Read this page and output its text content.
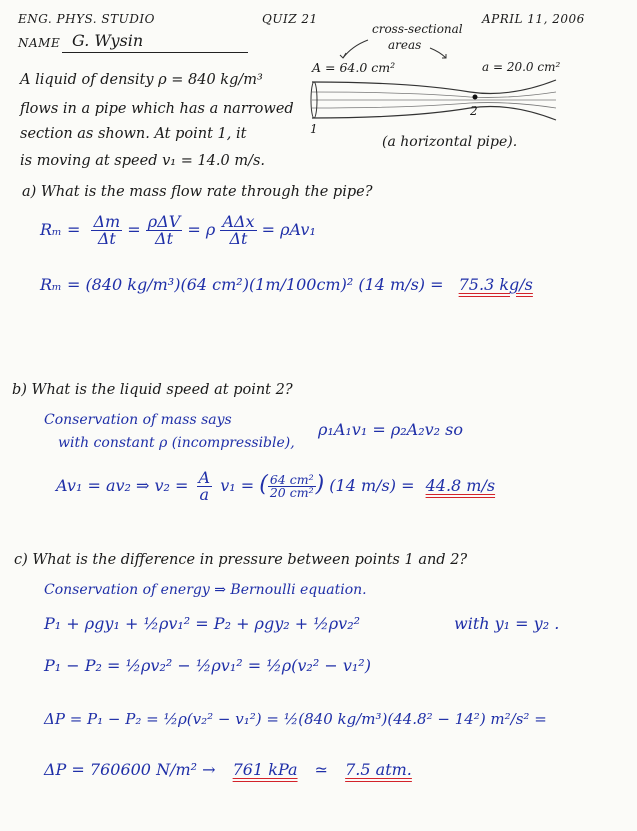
ENG. PHYS. STUDIO	QUIZ 21	APRIL 11, 2006
NAME G. Wysin
A liquid of density ρ = 840 kg/m³
flows in a pipe which has a narrowed
section as shown. At point 1, it
is moving at speed v₁ = 14.0 m/s.
cross-sectional
areas
A = 64.0 cm²	a = 20.0 cm²
1
2
(a horizontal pipe).
a) What is the mass flow rate through the pipe?
$R_m = \frac{\Delta m}{\Delta t} = \frac{\text{ρΔV}}{\Delta t} = \rho \frac{\text{AΔx}}{\Delta t} = \rho Av_1$
Rₘ = (840 kg/m³)(64 cm²)(1m/100cm)² (14 m/s) = 75.3 kg/s
b) What is the liquid speed at point 2?
Conservation of mass says
with constant ρ (incompressible),
ρ₁A₁v₁ = ρ₂A₂v₂ so
Av₁ = av₂ ⇒ $v_2 = \frac{A}{a} v_1$ = ( $\frac{\text{64 cm²}}{\text{20 cm²}}$ ) (14 m/s) = 44.8 m/s
c) What is the difference in pressure between points 1 and 2?
Conservation of energy ⇒ Bernoulli equation.
P₁ + ρgy₁ + ½ρv₁² = P₂ + ρgy₂ + ½ρv₂²	with y₁ = y₂ .
P₁ − P₂ = ½ρv₂² − ½ρv₁² = ½ρ(v₂² − v₁²)
ΔP = P₁ − P₂ = ½ρ(v₂² − v₁²) = ½(840 kg/m³)(44.8² − 14²) m²/s² =
ΔP = 760600 N/m² → 761 kPa ≃ 7.5 atm.
